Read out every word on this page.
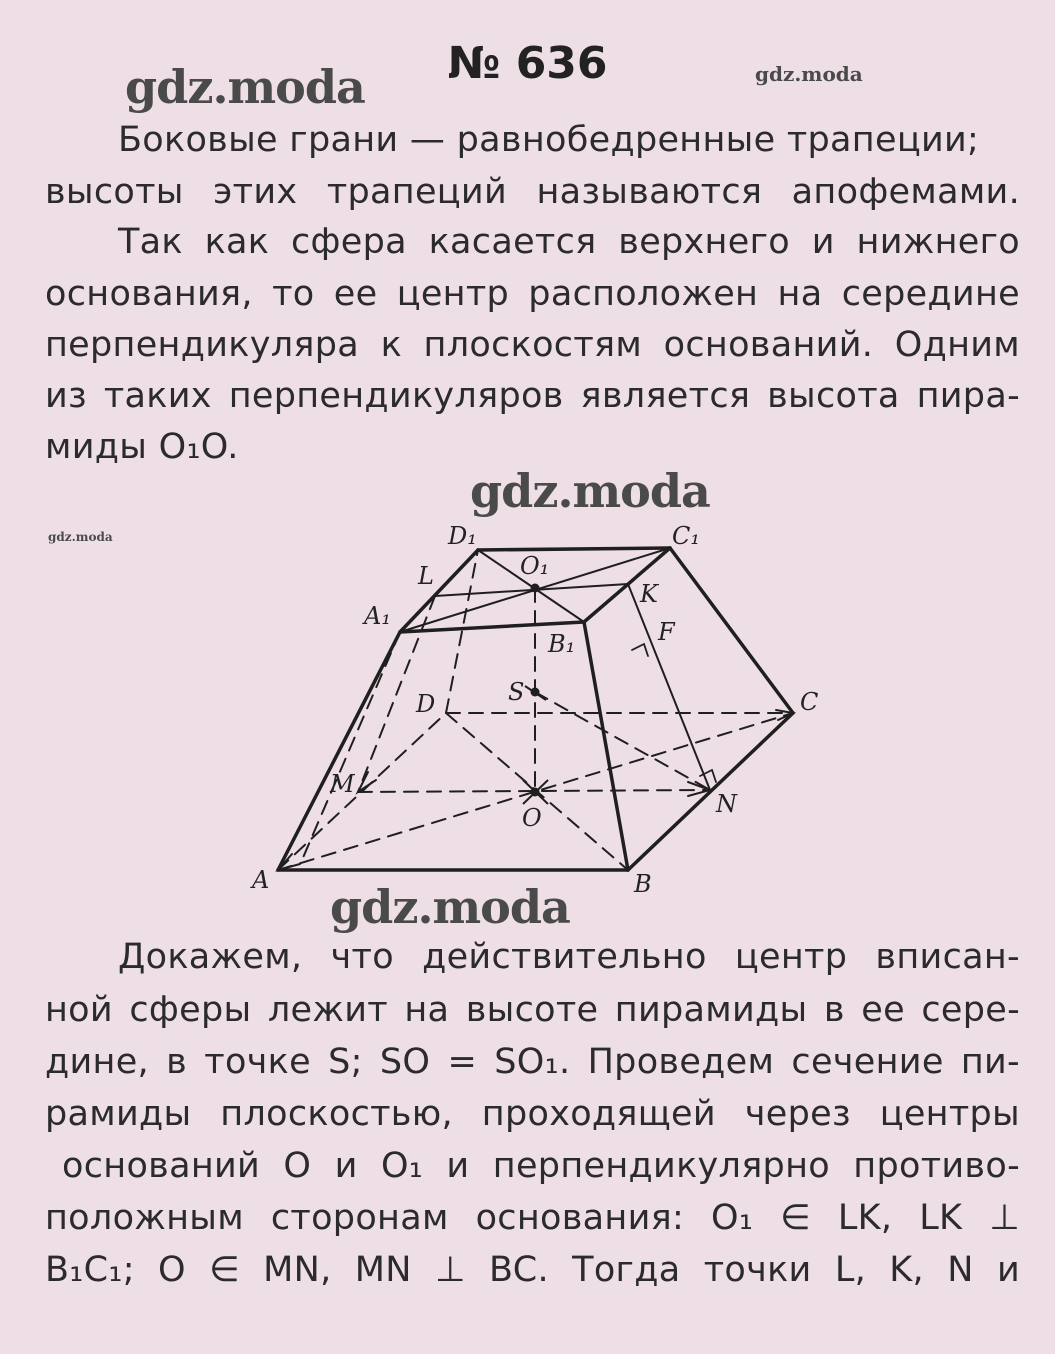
№ 636
gdz.moda	gdz.moda
Боковые грани — равнобедренные трапеции;
высоты этих трапеций называются апофемами.
Так как сфера касается верхнего и нижнего
основания, то ее центр расположен на середине
перпендикуляра к плоскостям оснований. Одним
из таких перпендикуляров является высота пира-
миды O₁O.
gdz.moda
gdz.moda	D₁
O₁
C₁
L
K
A₁
F
B₁
S
D	C
M
N
O
A	B
gdz.moda
Докажем, что действительно центр вписан-
ной сферы лежит на высоте пирамиды в ее сере-
дине, в точке S; SO = SO₁. Проведем сечение пи-
рамиды плоскостью, проходящей через центры
оснований O и O₁ и перпендикулярно противо-
положным сторонам основания: O₁ ∈ LK, LK ⊥
B₁C₁; O ∈ MN, MN ⊥ BC. Тогда точки L, K, N и
